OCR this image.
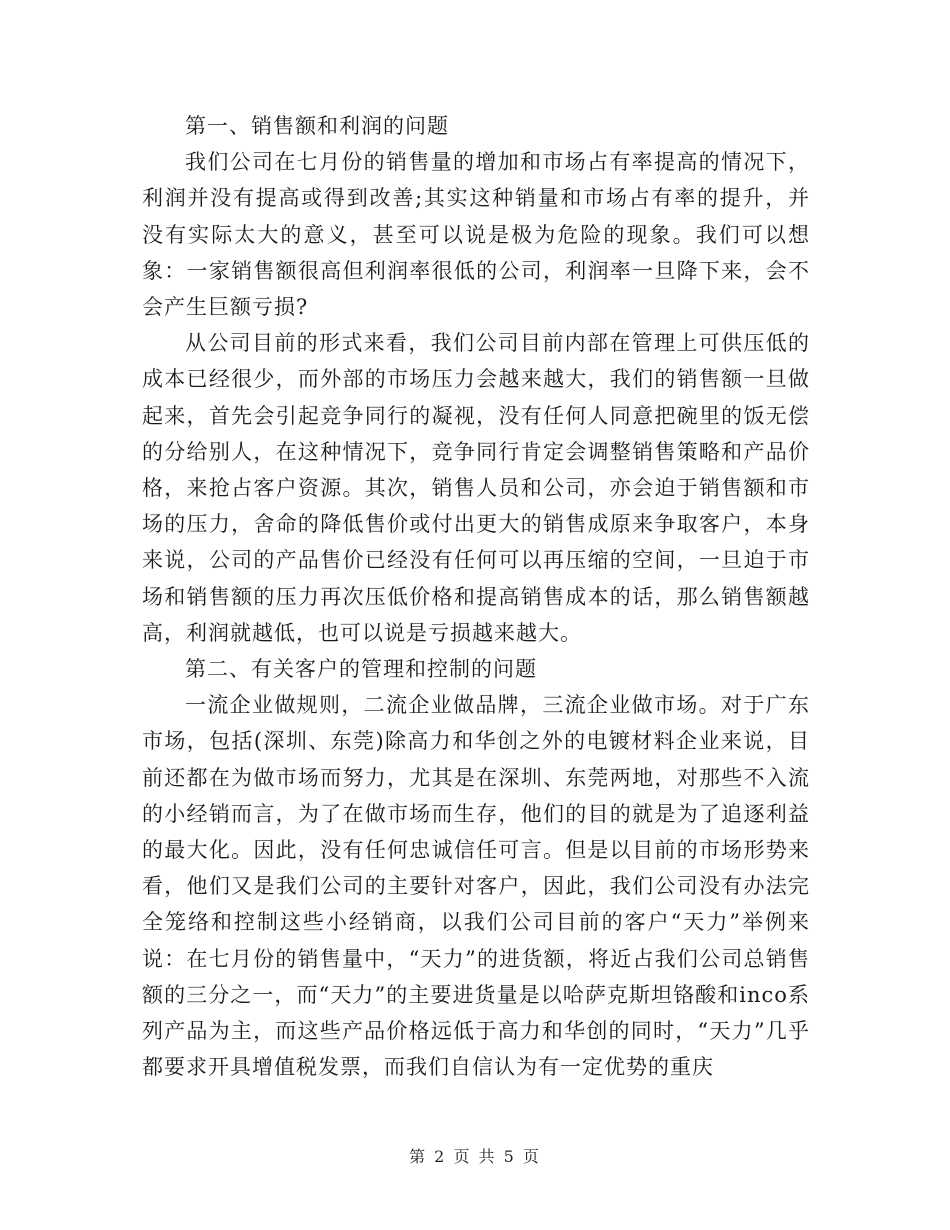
第一、销售额和利润的问题

我们公司在七月份的销售量的增加和市场占有率提高的情况下，利润并没有提高或得到改善;其实这种销量和市场占有率的提升，并没有实际太大的意义，甚至可以说是极为危险的现象。我们可以想象：一家销售额很高但利润率很低的公司，利润率一旦降下来，会不会产生巨额亏损?

从公司目前的形式来看，我们公司目前内部在管理上可供压低的成本已经很少，而外部的市场压力会越来越大，我们的销售额一旦做起来，首先会引起竞争同行的凝视，没有任何人同意把碗里的饭无偿的分给别人，在这种情况下，竞争同行肯定会调整销售策略和产品价格，来抢占客户资源。其次，销售人员和公司，亦会迫于销售额和市场的压力，舍命的降低售价或付出更大的销售成原来争取客户，本身来说，公司的产品售价已经没有任何可以再压缩的空间，一旦迫于市场和销售额的压力再次压低价格和提高销售成本的话，那么销售额越高，利润就越低，也可以说是亏损越来越大。

第二、有关客户的管理和控制的问题

一流企业做规则，二流企业做品牌，三流企业做市场。对于广东市场，包括(深圳、东莞)除高力和华创之外的电镀材料企业来说，目前还都在为做市场而努力，尤其是在深圳、东莞两地，对那些不入流的小经销而言，为了在做市场而生存，他们的目的就是为了追逐利益的最大化。因此，没有任何忠诚信任可言。但是以目前的市场形势来看，他们又是我们公司的主要针对客户，因此，我们公司没有办法完全笼络和控制这些小经销商，以我们公司目前的客户“天力”举例来说：在七月份的销售量中，“天力”的进货额，将近占我们公司总销售额的三分之一，而“天力”的主要进货量是以哈萨克斯坦铬酸和inco系列产品为主，而这些产品价格远低于高力和华创的同时，“天力”几乎都要求开具增值税发票，而我们自信认为有一定优势的重庆

第 2 页 共 5 页
